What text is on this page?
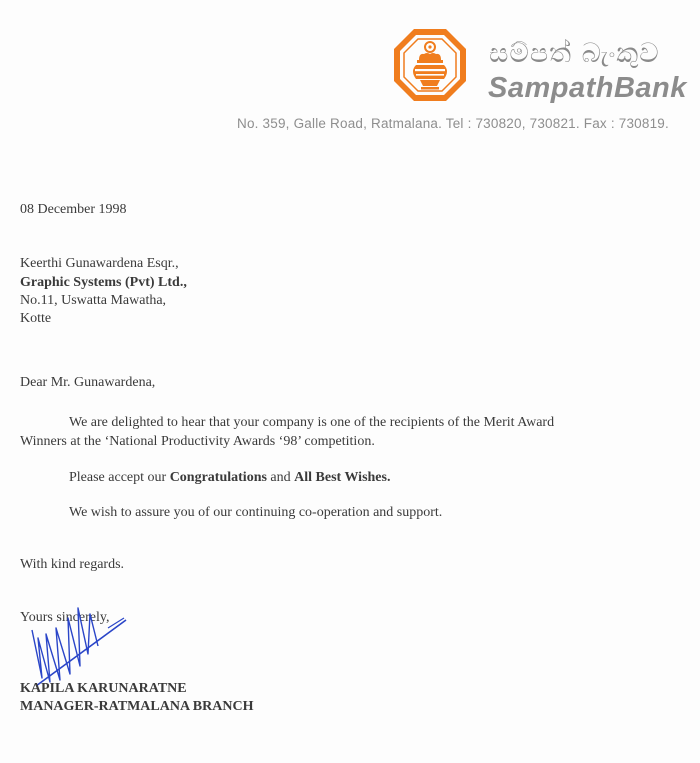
සම්පත් බැංකුව
SampathBank
No. 359, Galle Road, Ratmalana. Tel : 730820, 730821. Fax : 730819.
08 December 1998
Keerthi Gunawardena Esqr.,
Graphic Systems (Pvt) Ltd.,
No.11, Uswatta Mawatha,
Kotte
Dear Mr. Gunawardena,
We are delighted to hear that your company is one of the recipients of the Merit Award
Winners at the ‘National Productivity Awards ‘98’ competition.
Please accept our Congratulations and All Best Wishes.
We wish to assure you of our continuing co-operation and support.
With kind regards.
Yours sincerely,
KAPILA KARUNARATNE
MANAGER-RATMALANA BRANCH
